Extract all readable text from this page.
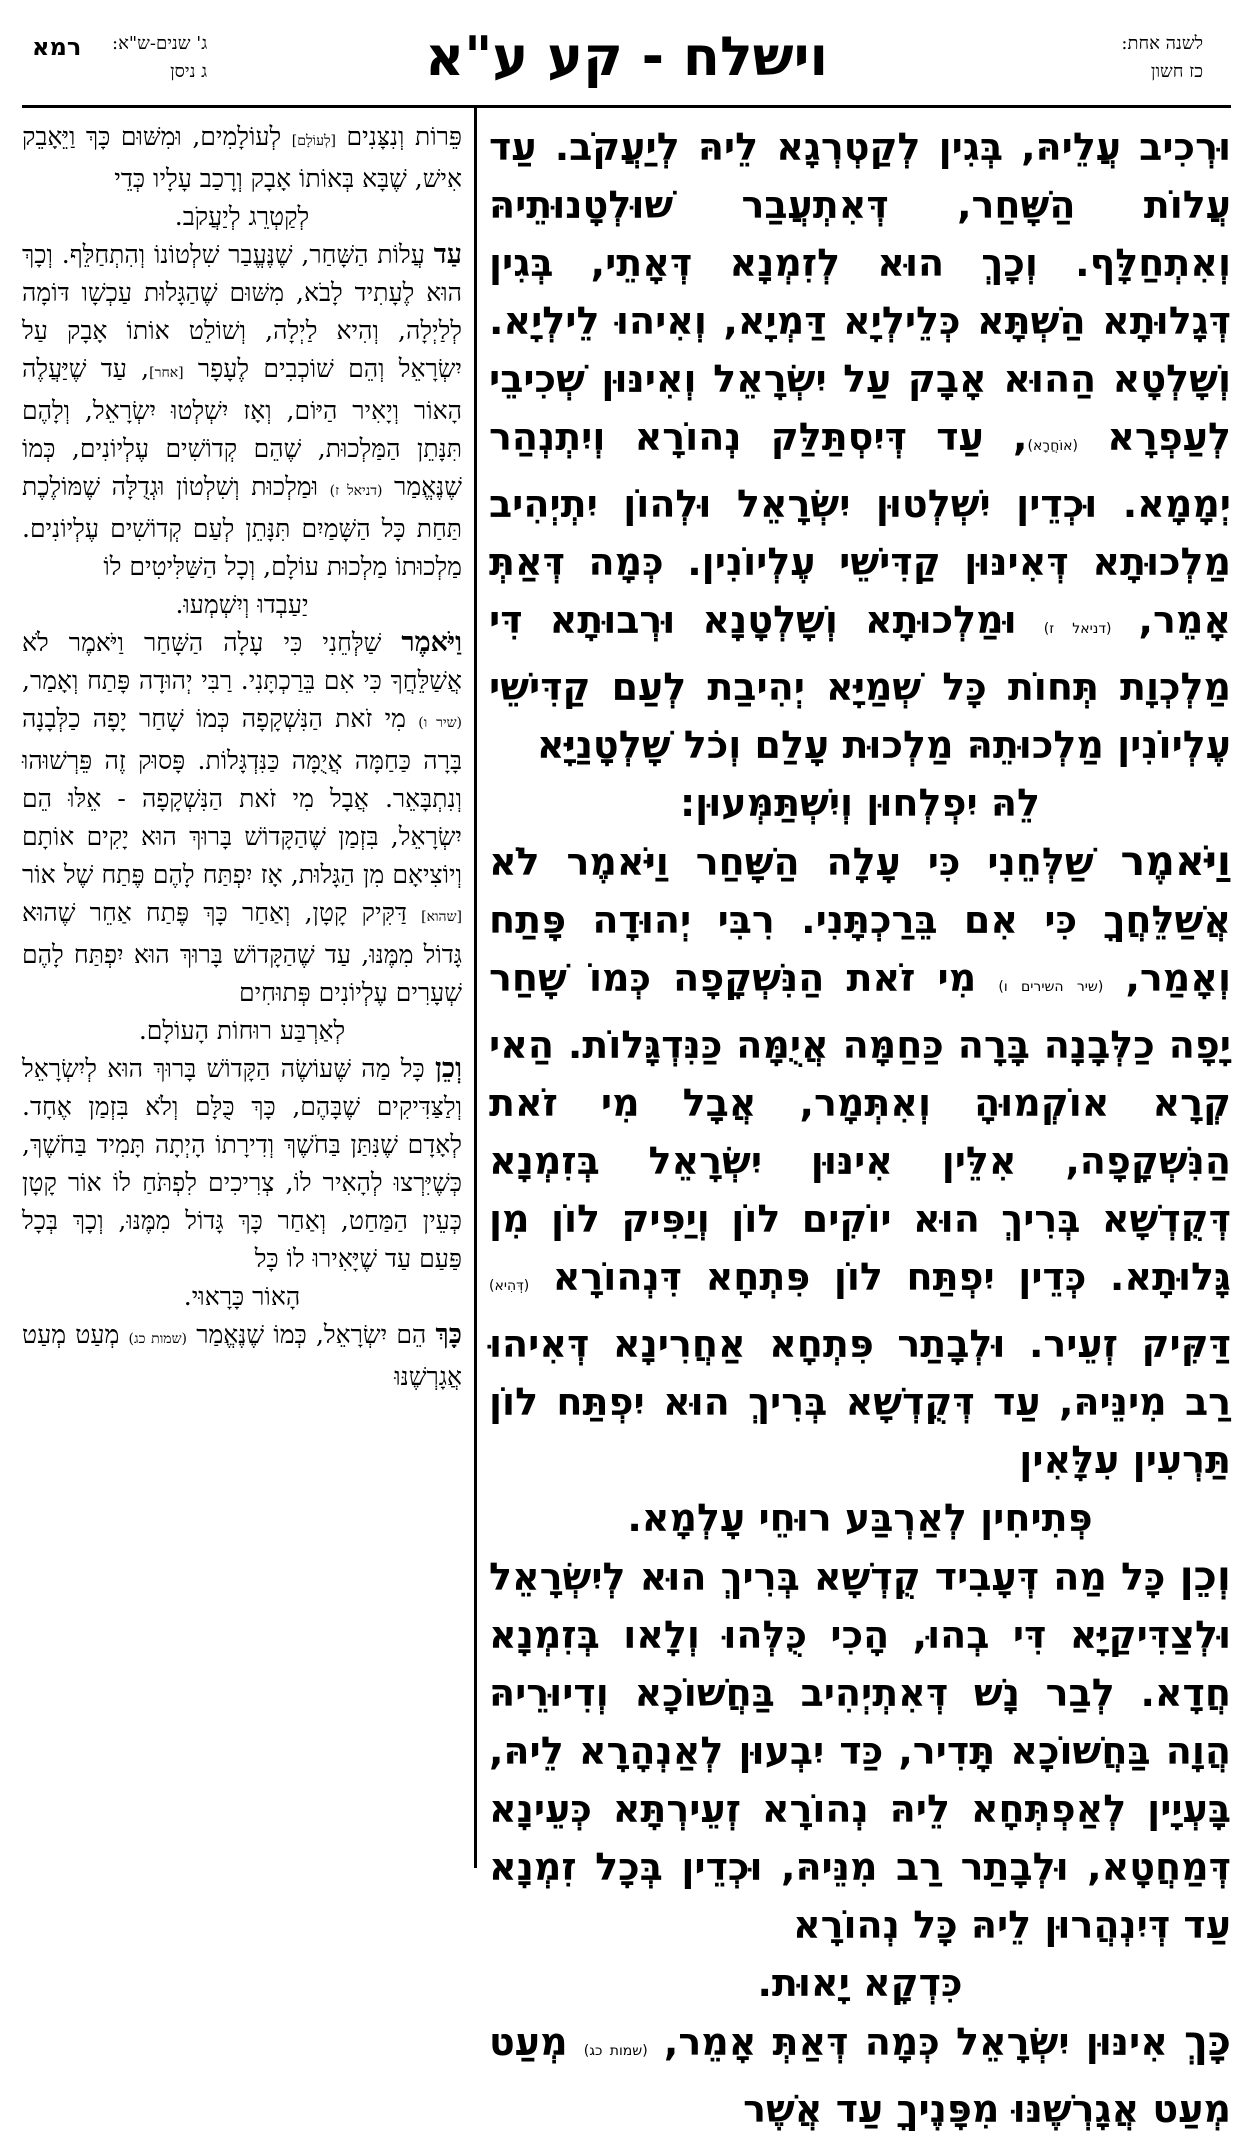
לשנה אחת:
כז חשון
וישלח - קע ע"א
ג' שנים-ש"א:
ג ניסן
רמא

וּרְכִיב עֲלֵיהּ, בְּגִין לְקַטְרְגָא לֵיהּ לְיַעֲקֹב. עַד עֲלוֹת הַשָּׁחַר, דְּאִתְעֲבַר שׁוּלְטָנוּתֵיהּ וְאִתְחַלָּף. וְכָךְ הוּא לְזִמְנָא דְּאָתֵי, בְּגִין דְּגָלוּתָא הַשְׁתָּא כְּלֵילְיָא דַּמְיָא, וְאִיהוּ לֵילְיָא. וְשָׁלְטָא הַהוּא אָבָק עַל יִשְׂרָאֵל וְאִינּוּן שְׁכִיבֵי לְעַפְרָא (אוֹחֲרָא), עַד דְּיִסְתַּלַּק נְהוֹרָא וְיִתְנְהַר יְמָמָא. וּכְדֵין יִשְׁלְטוּן יִשְׂרָאֵל וּלְהוֹן יִתְיְהִיב מַלְכוּתָא דְּאִינּוּן קַדִּישֵׁי עֶלְיוֹנִין. כְּמָה דְּאַתְּ אָמֵר, (דניאל ז) וּמַלְכוּתָא וְשָׁלְטָנָא וּרְבוּתָא דִּי מַלְכְוָת תְּחוֹת כָּל שְׁמַיָּא יְהִיבַת לְעַם קַדִּישֵׁי עֶלְיוֹנִין מַלְכוּתֵהּ מַלְכוּת עָלַם וְכֹל שָׁלְטָנַיָּא

לֵהּ יִפְלְחוּן וְיִשְׁתַּמְּעוּן:

וַיֹּאמֶר שַׁלְּחֵנִי כִּי עָלָה הַשָּׁחַר וַיֹּאמֶר לֹא אֲשַׁלֵּחֲךָ כִּי אִם בֵּרַכְתָּנִי. רִבִּי יְהוּדָה פָּתַח וְאָמַר, (שיר השירים ו) מִי זֹאת הַנִּשְׁקָפָה כְּמוֹ שָׁחַר יָפָה כַלְּבָנָה בָּרָה כַּחַמָּה אֲיֻמָּה כַּנִּדְגָּלוֹת. הַאי קְרָא אוֹקְמוּהָ וְאִתְּמָר, אֲבָל מִי זֹאת הַנִּשְׁקָפָה, אִלֵּין אִינּוּן יִשְׂרָאֵל בְּזִמְנָא דְּקֻדְשָׁא בְּרִיךְ הוּא יוֹקִים לוֹן וְיַפִּיק לוֹן מִן גָּלוּתָא. כְּדֵין יִפְתַּח לוֹן פִּתְחָא דִּנְהוֹרָא (דְּהִיא) דַּקִּיק זְעֵיר. וּלְבָתַר פִּתְחָא אַחֲרִינָא דְּאִיהוּ רַב מִינֵּיהּ, עַד דְּקֻדְשָׁא בְּרִיךְ הוּא יִפְתַּח לוֹן תַּרְעִין עִלָּאִין

פְּתִיחִין לְאַרְבַּע רוּחֵי עָלְמָא.

וְכֵן כָּל מַה דְּעָבִיד קֻדְשָׁא בְּרִיךְ הוּא לְיִשְׂרָאֵל וּלְצַדִּיקַיָּא דִּי בְהוּ, הָכִי כֻּלְּהוּ וְלָאו בְּזִמְנָא חֲדָא. לְבַר נָשׁ דְּאִתְיְהִיב בַּחֲשׁוֹכָא וְדִיוּרֵיהּ הֲוָה בַּחֲשׁוֹכָא תָּדִיר, כַּד יִבְעוּן לְאַנְהָרָא לֵיהּ, בָּעְיָין לְאַפְתְּחָא לֵיהּ נְהוֹרָא זְעֵירְתָּא כְּעֵינָא דְּמַחֲטָא, וּלְבָתַר רַב מִנֵּיהּ, וּכְדֵין בְּכָל זִמְנָא עַד דְּיִנְהֲרוּן לֵיהּ כָּל נְהוֹרָא

כִּדְקָא יָאוּת.

כָּךְ אִינּוּן יִשְׂרָאֵל כְּמָה דְּאַתְּ אָמֵר, (שמות כג) מְעַט מְעַט אֲגָרְשֶׁנּוּ מִפָּנֶיךָ עַד אֲשֶׁר

פֵּרוֹת וְנִצָּנִים [לְעוֹלָם] לְעוֹלָמִים, וּמִשּׁוּם כָּךְ וַיֵּאָבֵק אִישׁ, שֶׁבָּא בְּאוֹתוֹ אָבָק וְרָכַב עָלָיו כְּדֵי

לְקַטְרֵג לְיַעֲקֹב.

עַד עֲלוֹת הַשָּׁחַר, שֶׁנֶּעֱבַר שִׁלְטוֹנוֹ וְהִתְחַלֵּף. וְכָךְ הוּא לֶעָתִיד לָבֹא, מִשּׁוּם שֶׁהַגָּלוּת עַכְשָׁו דּוֹמָה לְלַיְלָה, וְהִיא לַיְלָה, וְשׁוֹלֵט אוֹתוֹ אָבָק עַל יִשְׂרָאֵל וְהֵם שׁוֹכְבִים לֶעָפָר [אחר], עַד שֶׁיַּעֲלֶה הָאוֹר וְיָאִיר הַיּוֹם, וְאָז יִשְׁלְטוּ יִשְׂרָאֵל, וְלָהֶם תִּנָּתֵן הַמַּלְכוּת, שֶׁהֵם קְדוֹשִׁים עֶלְיוֹנִים, כְּמוֹ שֶׁנֶּאֱמַר (דניאל ז) וּמַלְכוּת וְשִׁלְטוֹן וּגְדֻלָּה שֶׁמּוֹלֶכֶת תַּחַת כָּל הַשָּׁמַיִם תִּנָּתֵן לְעַם קְדוֹשִׁים עֶלְיוֹנִים. מַלְכוּתוֹ מַלְכוּת עוֹלָם, וְכָל הַשַּׁלִּיטִים לוֹ

יַעַבְדוּ וְיִשְׁמְעוּ.

וַיֹּאמֶר שַׁלְּחֵנִי כִּי עָלָה הַשָּׁחַר וַיֹּאמֶר לֹא אֲשַׁלֵּחֲךָ כִּי אִם בֵּרַכְתָּנִי. רַבִּי יְהוּדָה פָּתַח וְאָמַר, (שיר ו) מִי זֹאת הַנִּשְׁקָפָה כְּמוֹ שָׁחַר יָפָה כַלְּבָנָה בָּרָה כַּחַמָּה אֲיֻמָּה כַּנִּדְגָּלוֹת. פָּסוּק זֶה פֵּרְשׁוּהוּ וְנִתְבָּאֵר. אֲבָל מִי זֹאת הַנִּשְׁקָפָה - אֵלּוּ הֵם יִשְׂרָאֵל, בִּזְמַן שֶׁהַקָּדוֹשׁ בָּרוּךְ הוּא יָקִים אוֹתָם וְיוֹצִיאָם מִן הַגָּלוּת, אָז יִפְתַּח לָהֶם פֶּתַח שֶׁל אוֹר [שהוא] דַּקִּיק קָטָן, וְאַחַר כָּךְ פֶּתַח אַחֵר שֶׁהוּא גָּדוֹל מִמֶּנּוּ, עַד שֶׁהַקָּדוֹשׁ בָּרוּךְ הוּא יִפְתַּח לָהֶם שְׁעָרִים עֶלְיוֹנִים פְּתוּחִים

לְאַרְבַּע רוּחוֹת הָעוֹלָם.

וְכֵן כָּל מַה שֶּׁעוֹשֶׂה הַקָּדוֹשׁ בָּרוּךְ הוּא לְיִשְׂרָאֵל וְלַצַּדִּיקִים שֶׁבָּהֶם, כָּךְ כֻּלָּם וְלֹא בִּזְמַן אֶחָד. לְאָדָם שֶׁנִּתַּן בַּחֹשֶׁךְ וְדִירָתוֹ הָיְתָה תָּמִיד בַּחֹשֶׁךְ, כְּשֶׁיִּרְצוּ לְהָאִיר לוֹ, צְרִיכִים לִפְתֹּחַ לוֹ אוֹר קָטָן כְּעֵין הַמַּחַט, וְאַחַר כָּךְ גָּדוֹל מִמֶּנּוּ, וְכָךְ בְּכָל פַּעַם עַד שֶׁיָּאִירוּ לוֹ כָּל

הָאוֹר כָּרָאוּי.

כָּךְ הֵם יִשְׂרָאֵל, כְּמוֹ שֶׁנֶּאֱמַר (שמות כג) מְעַט מְעַט אֲגָרְשֶׁנּוּ
